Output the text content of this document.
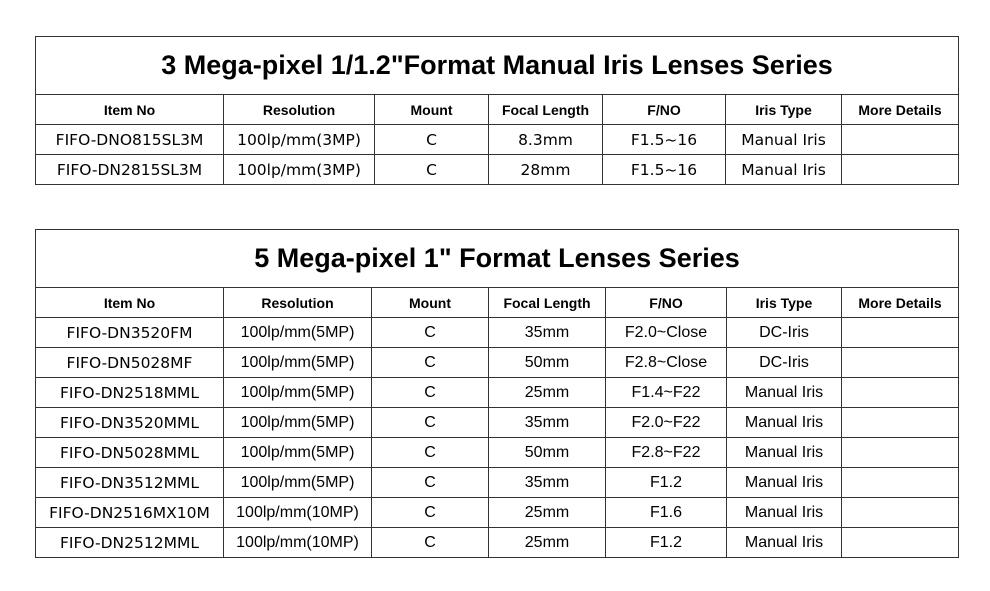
3 Mega-pixel 1/1.2"Format Manual Iris Lenses Series						
Item No	Resolution	Mount	Focal Length	F/NO	Iris Type	More Details
FIFO-DNO815SL3M	100lp/mm(3MP)	C	8.3mm	F1.5~16	Manual Iris	
FIFO-DN2815SL3M	100lp/mm(3MP)	C	28mm	F1.5~16	Manual Iris	
5 Mega-pixel 1" Format Lenses Series						
Item No	Resolution	Mount	Focal Length	F/NO	Iris Type	More Details
FIFO-DN3520FM	100lp/mm(5MP)	C	35mm	F2.0~Close	DC-Iris	
FIFO-DN5028MF	100lp/mm(5MP)	C	50mm	F2.8~Close	DC-Iris	
FIFO-DN2518MML	100lp/mm(5MP)	C	25mm	F1.4~F22	Manual Iris	
FIFO-DN3520MML	100lp/mm(5MP)	C	35mm	F2.0~F22	Manual Iris	
FIFO-DN5028MML	100lp/mm(5MP)	C	50mm	F2.8~F22	Manual Iris	
FIFO-DN3512MML	100lp/mm(5MP)	C	35mm	F1.2	Manual Iris	
FIFO-DN2516MX10M	100lp/mm(10MP)	C	25mm	F1.6	Manual Iris	
FIFO-DN2512MML	100lp/mm(10MP)	C	25mm	F1.2	Manual Iris	
